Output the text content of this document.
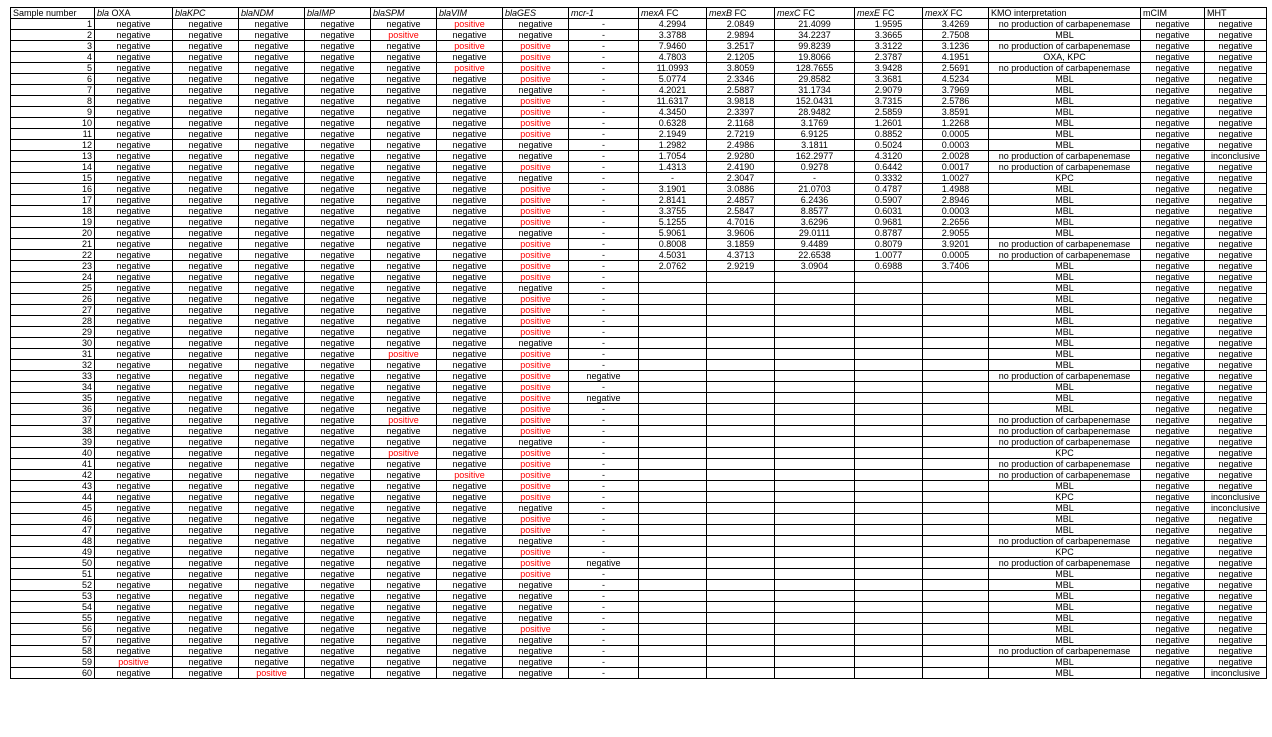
Sample number	bla OXA	blaKPC	blaNDM	blaIMP	blaSPM	blaVIM	blaGES	mcr-1	mexA FC	mexB FC	mexC FC	mexE FC	mexX FC	KMO interpretation	mCIM	MHT
1	negative	negative	negative	negative	negative	positive	negative	-	4.2994	2.0849	21.4099	1.9595	3.4269	no production of carbapenemase	negative	negative
2	negative	negative	negative	negative	positive	negative	negative	-	3.3788	2.9894	34.2237	3.3665	2.7508	MBL	negative	negative
3	negative	negative	negative	negative	negative	positive	positive	-	7.9460	3.2517	99.8239	3.3122	3.1236	no production of carbapenemase	negative	negative
4	negative	negative	negative	negative	negative	negative	positive	-	4.7803	2.1205	19.8066	2.3787	4.1951	OXA, KPC	negative	negative
5	negative	negative	negative	negative	negative	positive	positive	-	11.0993	3.8059	128.7655	3.9428	2.5691	no production of carbapenemase	negative	negative
6	negative	negative	negative	negative	negative	negative	positive	-	5.0774	2.3346	29.8582	3.3681	4.5234	MBL	negative	negative
7	negative	negative	negative	negative	negative	negative	negative	-	4.2021	2.5887	31.1734	2.9079	3.7969	MBL	negative	negative
8	negative	negative	negative	negative	negative	negative	positive	-	11.6317	3.9818	152.0431	3.7315	2.5786	MBL	negative	negative
9	negative	negative	negative	negative	negative	negative	positive	-	4.3450	2.3397	28.9482	2.5859	3.8591	MBL	negative	negative
10	negative	negative	negative	negative	negative	negative	positive	-	0.6328	2.1168	3.1769	1.2601	1.2268	MBL	negative	negative
11	negative	negative	negative	negative	negative	negative	positive	-	2.1949	2.7219	6.9125	0.8852	0.0005	MBL	negative	negative
12	negative	negative	negative	negative	negative	negative	negative	-	1.2982	2.4986	3.1811	0.5024	0.0003	MBL	negative	negative
13	negative	negative	negative	negative	negative	negative	negative	-	1.7054	2.9280	162.2977	4.3120	2.0028	no production of carbapenemase	negative	inconclusive
14	negative	negative	negative	negative	negative	negative	positive	-	1.4313	2.4190	0.9278	0.6442	0.0017	no production of carbapenemase	negative	negative
15	negative	negative	negative	negative	negative	negative	negative	-	-	2.3047	-	0.3332	1.0027	KPC	negative	negative
16	negative	negative	negative	negative	negative	negative	positive	-	3.1901	3.0886	21.0703	0.4787	1.4988	MBL	negative	negative
17	negative	negative	negative	negative	negative	negative	positive	-	2.8141	2.4857	6.2436	0.5907	2.8946	MBL	negative	negative
18	negative	negative	negative	negative	negative	negative	positive	-	3.3755	2.5847	8.8577	0.6031	0.0003	MBL	negative	negative
19	negative	negative	negative	negative	negative	negative	positive	-	5.1255	4.7016	3.6296	0.9681	2.2656	MBL	negative	negative
20	negative	negative	negative	negative	negative	negative	negative	-	5.9061	3.9606	29.0111	0.8787	2.9055	MBL	negative	negative
21	negative	negative	negative	negative	negative	negative	positive	-	0.8008	3.1859	9.4489	0.8079	3.9201	no production of carbapenemase	negative	negative
22	negative	negative	negative	negative	negative	negative	positive	-	4.5031	4.3713	22.6538	1.0077	0.0005	no production of carbapenemase	negative	negative
23	negative	negative	negative	negative	negative	negative	positive	-	2.0762	2.9219	3.0904	0.6988	3.7406	MBL	negative	negative
24	negative	negative	negative	negative	negative	negative	positive	-						MBL	negative	negative
25	negative	negative	negative	negative	negative	negative	negative	-						MBL	negative	negative
26	negative	negative	negative	negative	negative	negative	positive	-						MBL	negative	negative
27	negative	negative	negative	negative	negative	negative	positive	-						MBL	negative	negative
28	negative	negative	negative	negative	negative	negative	positive	-						MBL	negative	negative
29	negative	negative	negative	negative	negative	negative	positive	-						MBL	negative	negative
30	negative	negative	negative	negative	negative	negative	negative	-						MBL	negative	negative
31	negative	negative	negative	negative	positive	negative	positive	-						MBL	negative	negative
32	negative	negative	negative	negative	negative	negative	positive	-						MBL	negative	negative
33	negative	negative	negative	negative	negative	negative	positive	negative						no production of carbapenemase	negative	negative
34	negative	negative	negative	negative	negative	negative	positive	-						MBL	negative	negative
35	negative	negative	negative	negative	negative	negative	positive	negative						MBL	negative	negative
36	negative	negative	negative	negative	negative	negative	positive	-						MBL	negative	negative
37	negative	negative	negative	negative	positive	negative	positive	-						no production of carbapenemase	negative	negative
38	negative	negative	negative	negative	negative	negative	positive	-						no production of carbapenemase	negative	negative
39	negative	negative	negative	negative	negative	negative	negative	-						no production of carbapenemase	negative	negative
40	negative	negative	negative	negative	positive	negative	positive	-						KPC	negative	negative
41	negative	negative	negative	negative	negative	negative	positive	-						no production of carbapenemase	negative	negative
42	negative	negative	negative	negative	negative	positive	positive	-						no production of carbapenemase	negative	negative
43	negative	negative	negative	negative	negative	negative	positive	-						MBL	negative	negative
44	negative	negative	negative	negative	negative	negative	positive	-						KPC	negative	inconclusive
45	negative	negative	negative	negative	negative	negative	negative	-						MBL	negative	inconclusive
46	negative	negative	negative	negative	negative	negative	positive	-						MBL	negative	negative
47	negative	negative	negative	negative	negative	negative	positive	-						MBL	negative	negative
48	negative	negative	negative	negative	negative	negative	negative	-						no production of carbapenemase	negative	negative
49	negative	negative	negative	negative	negative	negative	positive	-						KPC	negative	negative
50	negative	negative	negative	negative	negative	negative	positive	negative						no production of carbapenemase	negative	negative
51	negative	negative	negative	negative	negative	negative	positive	-						MBL	negative	negative
52	negative	negative	negative	negative	negative	negative	negative	-						MBL	negative	negative
53	negative	negative	negative	negative	negative	negative	negative	-						MBL	negative	negative
54	negative	negative	negative	negative	negative	negative	negative	-						MBL	negative	negative
55	negative	negative	negative	negative	negative	negative	negative	-						MBL	negative	negative
56	negative	negative	negative	negative	negative	negative	positive	-						MBL	negative	negative
57	negative	negative	negative	negative	negative	negative	negative	-						MBL	negative	negative
58	negative	negative	negative	negative	negative	negative	negative	-						no production of carbapenemase	negative	negative
59	positive	negative	negative	negative	negative	negative	negative	-						MBL	negative	negative
60	negative	negative	positive	negative	negative	negative	negative	-						MBL	negative	inconclusive
